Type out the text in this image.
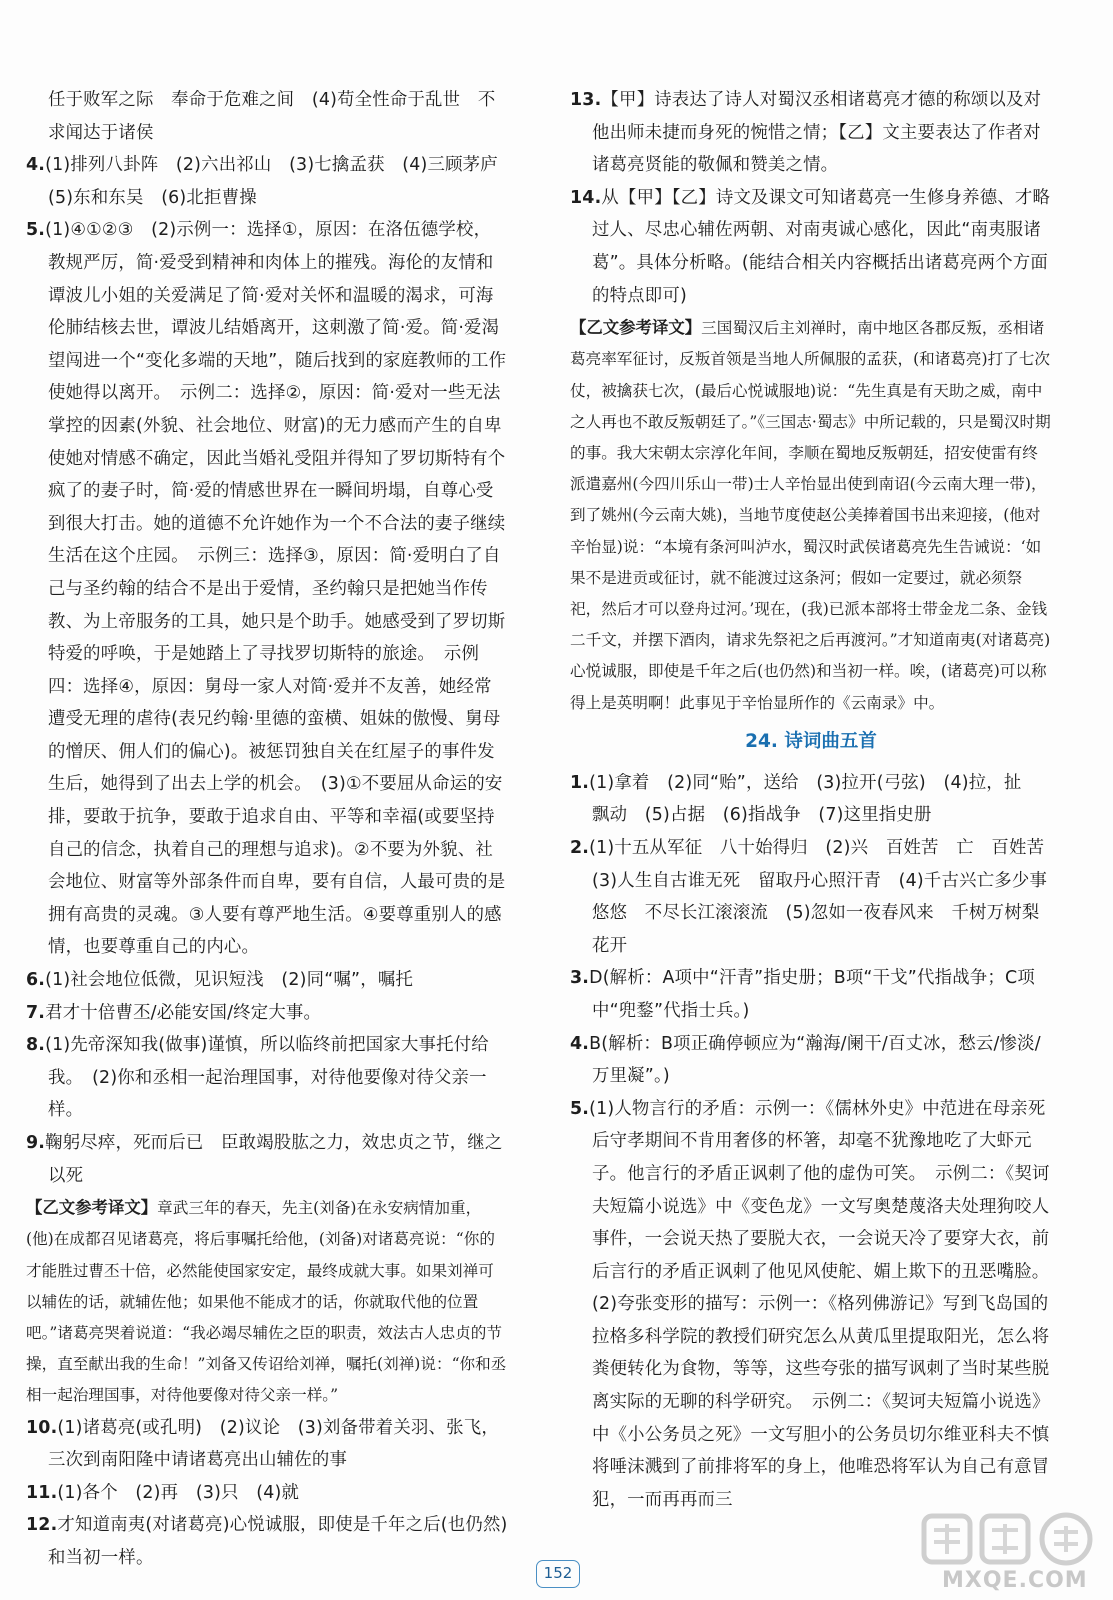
任于败军之际　奉命于危难之间　(4)苟全性命于乱世　不求闻达于诸侯

4.(1)排列八卦阵　(2)六出祁山　(3)七擒孟获　(4)三顾茅庐　(5)东和东吴　(6)北拒曹操

5.(1)④①②③　(2)示例一：选择①，原因：在洛伍德学校，教规严厉，简·爱受到精神和肉体上的摧残。海伦的友情和谭波儿小姐的关爱满足了简·爱对关怀和温暖的渴求，可海伦肺结核去世，谭波儿结婚离开，这刺激了简·爱。简·爱渴望闯进一个“变化多端的天地”，随后找到的家庭教师的工作使她得以离开。　示例二：选择②，原因：简·爱对一些无法掌控的因素(外貌、社会地位、财富)的无力感而产生的自卑使她对情感不确定，因此当婚礼受阻并得知了罗切斯特有个疯了的妻子时，简·爱的情感世界在一瞬间坍塌，自尊心受到很大打击。她的道德不允许她作为一个不合法的妻子继续生活在这个庄园。　示例三：选择③，原因：简·爱明白了自己与圣约翰的结合不是出于爱情，圣约翰只是把她当作传教、为上帝服务的工具，她只是个助手。她感受到了罗切斯特爱的呼唤，于是她踏上了寻找罗切斯特的旅途。　示例四：选择④，原因：舅母一家人对简·爱并不友善，她经常遭受无理的虐待(表兄约翰·里德的蛮横、姐妹的傲慢、舅母的憎厌、佣人们的偏心)。被惩罚独自关在红屋子的事件发生后，她得到了出去上学的机会。　(3)①不要屈从命运的安排，要敢于抗争，要敢于追求自由、平等和幸福(或要坚持自己的信念，执着自己的理想与追求)。②不要为外貌、社会地位、财富等外部条件而自卑，要有自信，人最可贵的是拥有高贵的灵魂。③人要有尊严地生活。④要尊重别人的感情，也要尊重自己的内心。

6.(1)社会地位低微，见识短浅　(2)同“嘱”，嘱托

7.君才十倍曹丕/必能安国/终定大事。

8.(1)先帝深知我(做事)谨慎，所以临终前把国家大事托付给我。　(2)你和丞相一起治理国事，对待他要像对待父亲一样。

9.鞠躬尽瘁，死而后已　臣敢竭股肱之力，效忠贞之节，继之以死

【乙文参考译文】章武三年的春天，先主(刘备)在永安病情加重，(他)在成都召见诸葛亮，将后事嘱托给他，(刘备)对诸葛亮说：“你的才能胜过曹丕十倍，必然能使国家安定，最终成就大事。如果刘禅可以辅佐的话，就辅佐他；如果他不能成才的话，你就取代他的位置吧。”诸葛亮哭着说道：“我必竭尽辅佐之臣的职责，效法古人忠贞的节操，直至献出我的生命！”刘备又传诏给刘禅，嘱托(刘禅)说：“你和丞相一起治理国事，对待他要像对待父亲一样。”

10.(1)诸葛亮(或孔明)　(2)议论　(3)刘备带着关羽、张飞，三次到南阳隆中请诸葛亮出山辅佐的事

11.(1)各个　(2)再　(3)只　(4)就

12.才知道南夷(对诸葛亮)心悦诚服，即使是千年之后(也仍然)和当初一样。

13.【甲】诗表达了诗人对蜀汉丞相诸葛亮才德的称颂以及对他出师未捷而身死的惋惜之情；【乙】文主要表达了作者对诸葛亮贤能的敬佩和赞美之情。

14.从【甲】【乙】诗文及课文可知诸葛亮一生修身养德、才略过人、尽忠心辅佐两朝、对南夷诚心感化，因此“南夷服诸葛”。具体分析略。(能结合相关内容概括出诸葛亮两个方面的特点即可)

【乙文参考译文】三国蜀汉后主刘禅时，南中地区各郡反叛，丞相诸葛亮率军征讨，反叛首领是当地人所佩服的孟获，(和诸葛亮)打了七次仗，被擒获七次，(最后心悦诚服地)说：“先生真是有天助之威，南中之人再也不敢反叛朝廷了。”《三国志·蜀志》中所记载的，只是蜀汉时期的事。我大宋朝太宗淳化年间，李顺在蜀地反叛朝廷，招安使雷有终派遣嘉州(今四川乐山一带)士人辛怡显出使到南诏(今云南大理一带)，到了姚州(今云南大姚)，当地节度使赵公美捧着国书出来迎接，(他对辛怡显)说：“本境有条河叫泸水，蜀汉时武侯诸葛亮先生告诫说：‘如果不是进贡或征讨，就不能渡过这条河；假如一定要过，就必须祭祀，然后才可以登舟过河。’现在，(我)已派本部将士带金龙二条、金钱二千文，并摆下酒肉，请求先祭祀之后再渡河。”才知道南夷(对诸葛亮)心悦诚服，即使是千年之后(也仍然)和当初一样。唉，(诸葛亮)可以称得上是英明啊！此事见于辛怡显所作的《云南录》中。

24. 诗词曲五首

1.(1)拿着　(2)同“贻”，送给　(3)拉开(弓弦)　(4)拉，扯　飘动　(5)占据　(6)指战争　(7)这里指史册

2.(1)十五从军征　八十始得归　(2)兴　百姓苦　亡　百姓苦　(3)人生自古谁无死　留取丹心照汗青　(4)千古兴亡多少事　悠悠　不尽长江滚滚流　(5)忽如一夜春风来　千树万树梨花开

3.D(解析：A项中“汗青”指史册；B项“干戈”代指战争；C项中“兜鍪”代指士兵。)

4.B(解析：B项正确停顿应为“瀚海/阑干/百丈冰，愁云/惨淡/万里凝”。)

5.(1)人物言行的矛盾：示例一：《儒林外史》中范进在母亲死后守孝期间不肯用奢侈的杯箸，却毫不犹豫地吃了大虾元子。他言行的矛盾正讽刺了他的虚伪可笑。　示例二：《契诃夫短篇小说选》中《变色龙》一文写奥楚蔑洛夫处理狗咬人事件，一会说天热了要脱大衣，一会说天冷了要穿大衣，前后言行的矛盾正讽刺了他见风使舵、媚上欺下的丑恶嘴脸。　(2)夸张变形的描写：示例一：《格列佛游记》写到飞岛国的拉格多科学院的教授们研究怎么从黄瓜里提取阳光，怎么将粪便转化为食物，等等，这些夸张的描写讽刺了当时某些脱离实际的无聊的科学研究。　示例二：《契诃夫短篇小说选》中《小公务员之死》一文写胆小的公务员切尔维亚科夫不慎将唾沫溅到了前排将军的身上，他唯恐将军认为自己有意冒犯，一而再再而三

152	MXQE.COM
